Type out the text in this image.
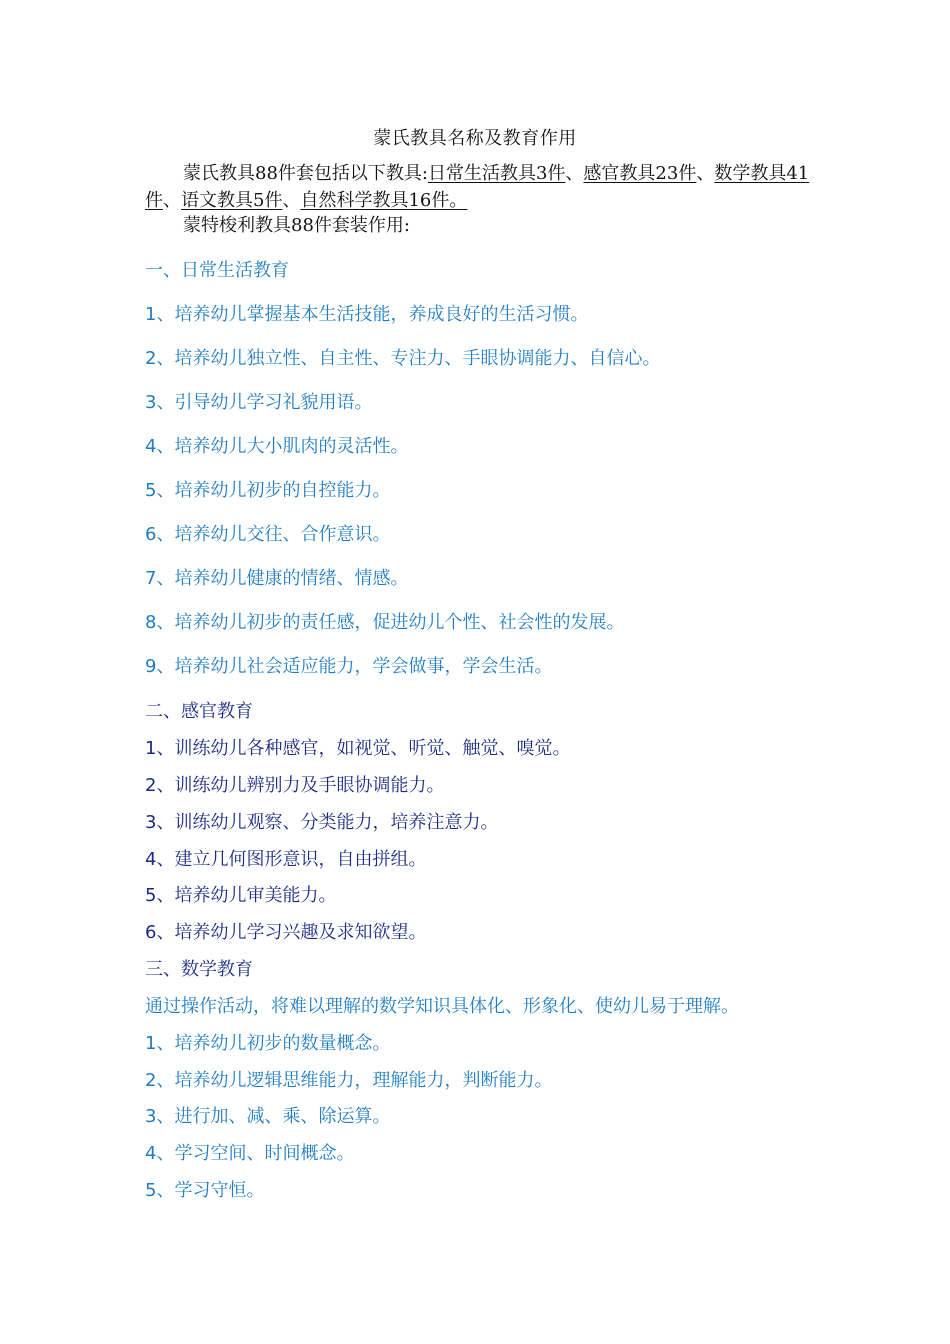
蒙氏教具名称及教育作用
蒙氏教具88件套包括以下教具:日常生活教具3件、感官教具23件、数学教具41件、语文教具5件、自然科学教具16件。
蒙特梭利教具88件套装作用:
一、日常生活教育
1、培养幼儿掌握基本生活技能，养成良好的生活习惯。
2、培养幼儿独立性、自主性、专注力、手眼协调能力、自信心。
3、引导幼儿学习礼貌用语。
4、培养幼儿大小肌肉的灵活性。
5、培养幼儿初步的自控能力。
6、培养幼儿交往、合作意识。
7、培养幼儿健康的情绪、情感。
8、培养幼儿初步的责任感，促进幼儿个性、社会性的发展。
9、培养幼儿社会适应能力，学会做事，学会生活。
二、感官教育
1、训练幼儿各种感官，如视觉、听觉、触觉、嗅觉。
2、训练幼儿辨别力及手眼协调能力。
3、训练幼儿观察、分类能力，培养注意力。
4、建立几何图形意识，自由拼组。
5、培养幼儿审美能力。
6、培养幼儿学习兴趣及求知欲望。
三、数学教育
通过操作活动，将难以理解的数学知识具体化、形象化、使幼儿易于理解。
1、培养幼儿初步的数量概念。
2、培养幼儿逻辑思维能力，理解能力，判断能力。
3、进行加、减、乘、除运算。
4、学习空间、时间概念。
5、学习守恒。
